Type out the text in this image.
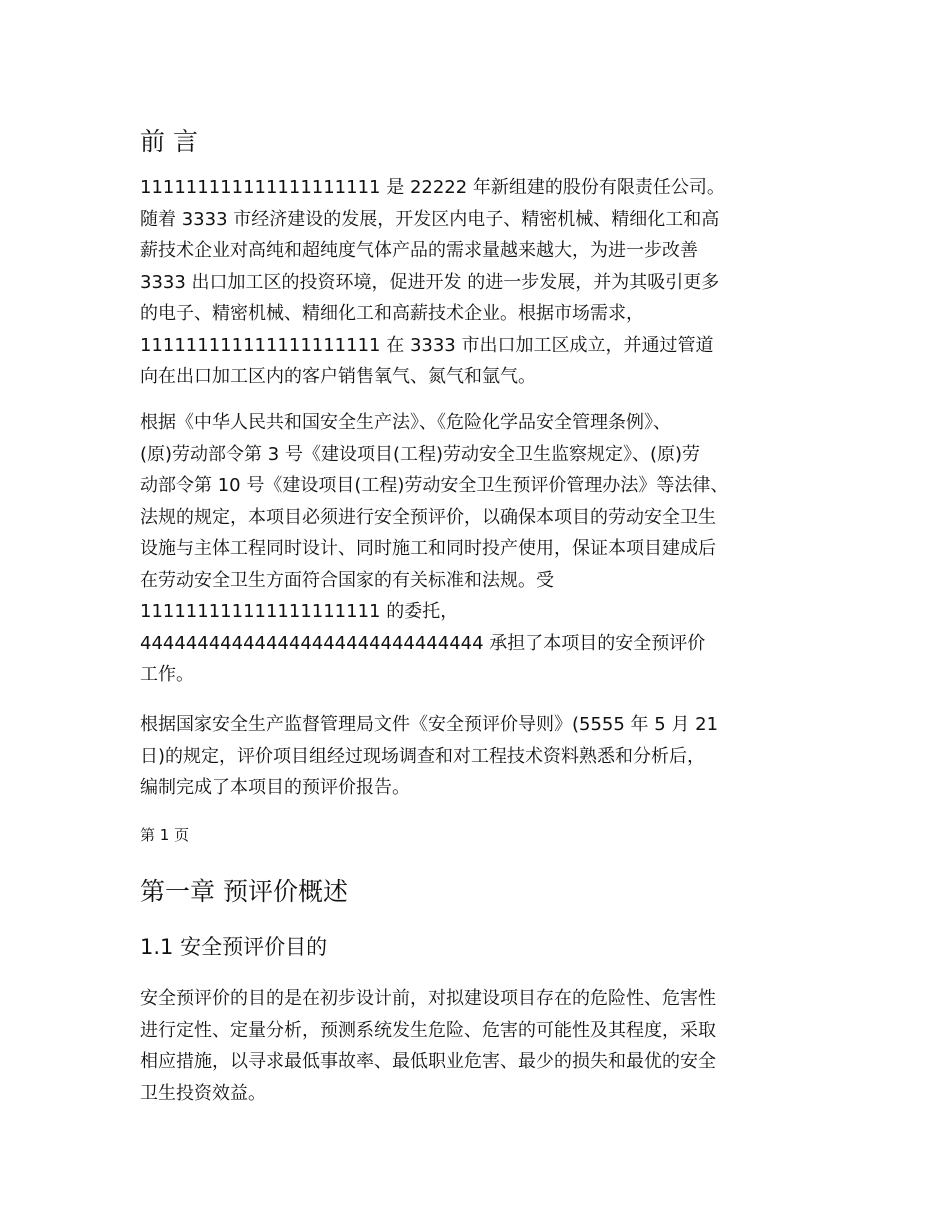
前 言
111111111111111111111 是 22222 年新组建的股份有限责任公司。
随着 3333 市经济建设的发展，开发区内电子、精密机械、精细化工和高
薪技术企业对高纯和超纯度气体产品的需求量越来越大，为进一步改善
3333 出口加工区的投资环境，促进开发 的进一步发展，并为其吸引更多
的电子、精密机械、精细化工和高薪技术企业。根据市场需求，
111111111111111111111 在 3333 市出口加工区成立，并通过管道
向在出口加工区内的客户销售氧气、氮气和氩气。
根据《中华人民共和国安全生产法》、《危险化学品安全管理条例》、
(原)劳动部令第 3 号《建设项目(工程)劳动安全卫生监察规定》、(原)劳
动部令第 10 号《建设项目(工程)劳动安全卫生预评价管理办法》等法律、
法规的规定，本项目必须进行安全预评价，以确保本项目的劳动安全卫生
设施与主体工程同时设计、同时施工和同时投产使用，保证本项目建成后
在劳动安全卫生方面符合国家的有关标准和法规。受
111111111111111111111 的委托，
444444444444444444444444444444 承担了本项目的安全预评价
工作。
根据国家安全生产监督管理局文件《安全预评价导则》(5555 年 5 月 21
日)的规定，评价项目组经过现场调查和对工程技术资料熟悉和分析后，
编制完成了本项目的预评价报告。
第 1 页
第一章 预评价概述
1.1 安全预评价目的
安全预评价的目的是在初步设计前，对拟建设项目存在的危险性、危害性
进行定性、定量分析，预测系统发生危险、危害的可能性及其程度，采取
相应措施，以寻求最低事故率、最低职业危害、最少的损失和最优的安全
卫生投资效益。
